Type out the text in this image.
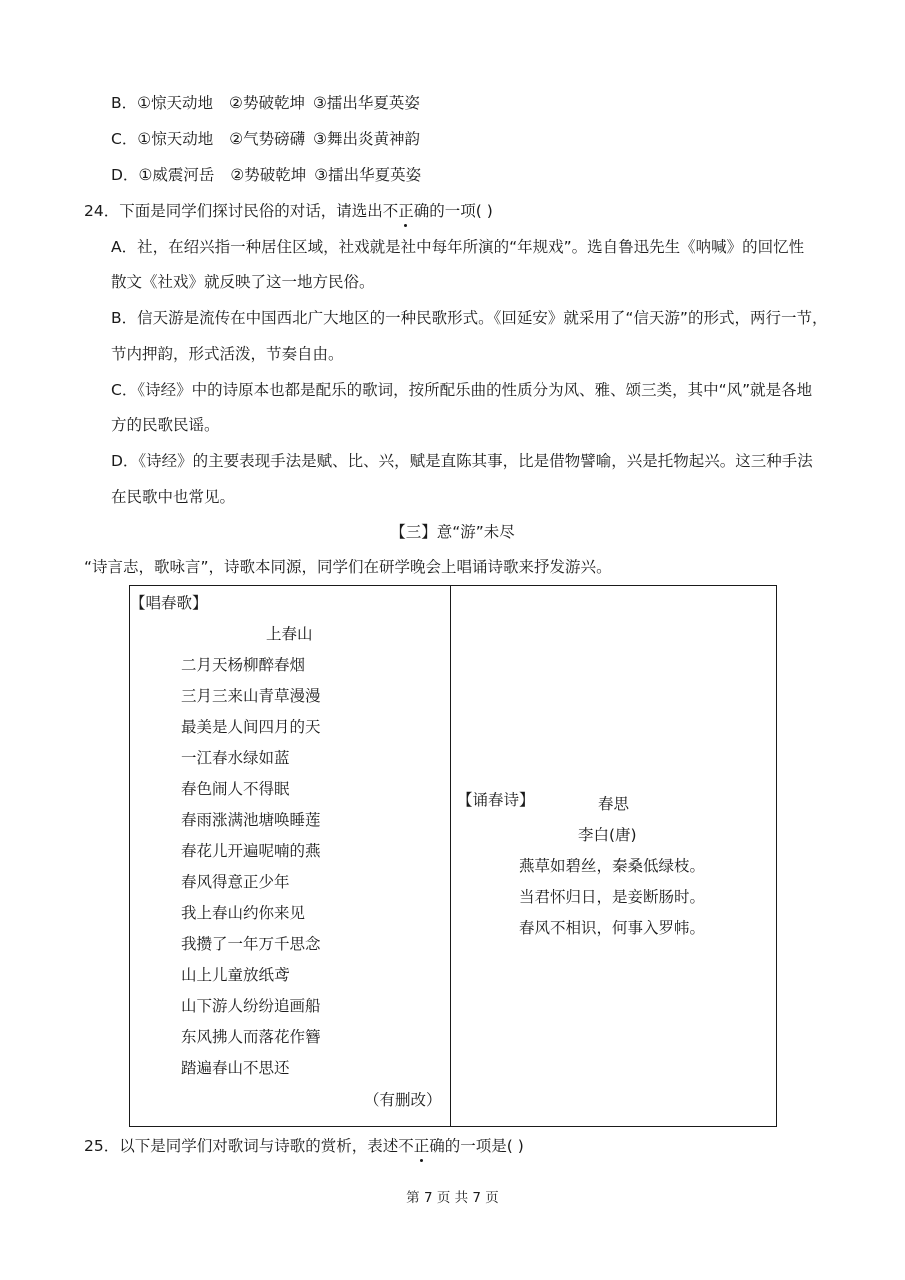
B．①惊天动地 ②势破乾坤 ③擂出华夏英姿
C．①惊天动地 ②气势磅礴 ③舞出炎黄神韵
D．①威震河岳 ②势破乾坤 ③擂出华夏英姿
24．下面是同学们探讨民俗的对话，请选出不正确的一项( )
A．社，在绍兴指一种居住区域，社戏就是社中每年所演的“年规戏”。选自鲁迅先生《呐喊》的回忆性
散文《社戏》就反映了这一地方民俗。
B．信天游是流传在中国西北广大地区的一种民歌形式。《回延安》就采用了“信天游”的形式，两行一节，
节内押韵，形式活泼，节奏自由。
C．《诗经》中的诗原本也都是配乐的歌词，按所配乐曲的性质分为风、雅、颂三类，其中“风”就是各地
方的民歌民谣。
D．《诗经》的主要表现手法是赋、比、兴，赋是直陈其事，比是借物譬喻，兴是托物起兴。这三种手法
在民歌中也常见。
【三】意“游”未尽
“诗言志，歌咏言”，诗歌本同源，同学们在研学晚会上唱诵诗歌来抒发游兴。
【唱春歌】
上春山
二月天杨柳醉春烟
三月三来山青草漫漫
最美是人间四月的天
一江春水绿如蓝
春色闹人不得眠
春雨涨满池塘唤睡莲
春花儿开遍呢喃的燕
春风得意正少年
我上春山约你来见
我攒了一年万千思念
山上儿童放纸鸢
山下游人纷纷追画船
东风拂人而落花作簪
踏遍春山不思还
（有删改）

【诵春诗】	春思
李白(唐)
燕草如碧丝，秦桑低绿枝。
当君怀归日，是妾断肠时。
春风不相识，何事入罗帏。
25．以下是同学们对歌词与诗歌的赏析，表述不正确的一项是( )
第 7 页 共 7 页
